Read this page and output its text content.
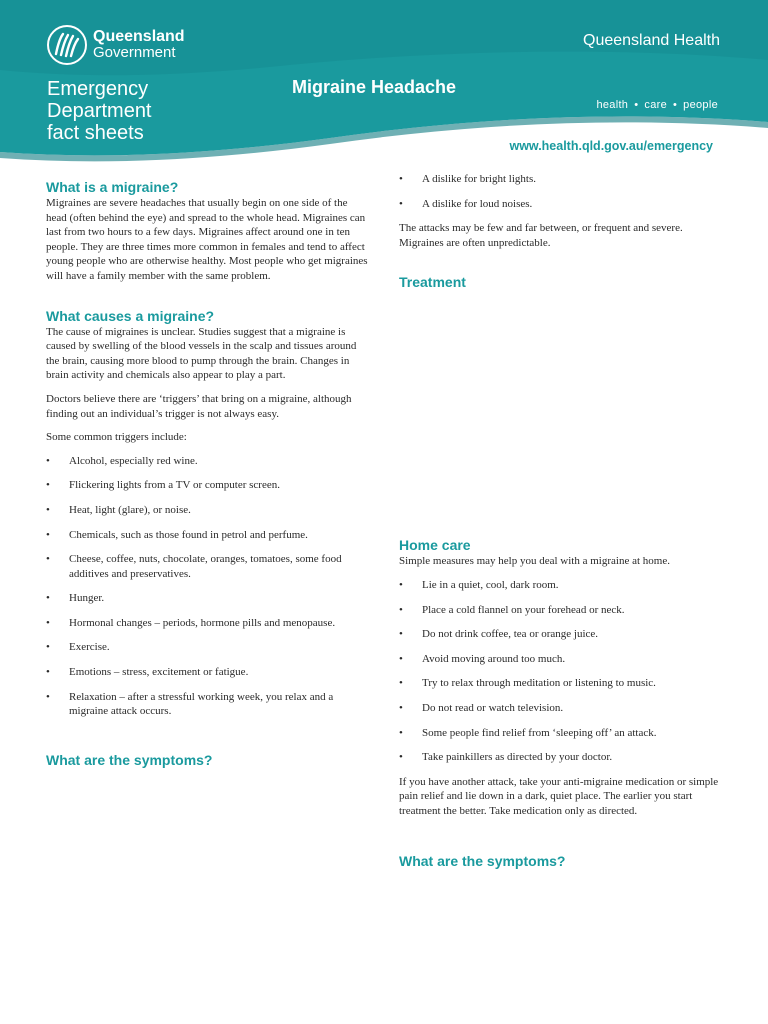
Queensland
Government
Emergency
Department
fact sheets
Migraine Headache
Queensland Health
health • care • people
www.health.qld.gov.au/emergency
What is a migraine?

Migraines are severe headaches that usually begin on one side of the head (often behind the eye) and spread to the whole head. Migraines can last from two hours to a few days. Migraines affect around one in ten people. They are three times more common in females and tend to affect young people who are otherwise healthy. Most people who get migraines will have a family member with the same problem.

What causes a migraine?

The cause of migraines is unclear. Studies suggest that a migraine is caused by swelling of the blood vessels in the scalp and tissues around the brain, causing more blood to pump through the brain. Changes in brain activity and chemicals also appear to play a part.

Doctors believe there are ‘triggers’ that bring on a migraine, although finding out an individual’s trigger is not always easy.

Some common triggers include:

• Alcohol, especially red wine.
• Flickering lights from a TV or computer screen.
• Heat, light (glare), or noise.
• Chemicals, such as those found in petrol and perfume.
• Cheese, coffee, nuts, chocolate, oranges, tomatoes, some food additives and preservatives.
• Hunger.
• Hormonal changes – periods, hormone pills and menopause.
• Exercise.
• Emotions – stress, excitement or fatigue.
• Relaxation – after a stressful working week, you relax and a migraine attack occurs.
What are the symptoms?
• A dislike for bright lights.
• A dislike for loud noises.

The attacks may be few and far between, or frequent and severe. Migraines are often unpredictable.

Treatment
Home care

Simple measures may help you deal with a migraine at home.

• Lie in a quiet, cool, dark room.
• Place a cold flannel on your forehead or neck.
• Do not drink coffee, tea or orange juice.
• Avoid moving around too much.
• Try to relax through meditation or listening to music.
• Do not read or watch television.
• Some people find relief from ‘sleeping off’ an attack.
• Take painkillers as directed by your doctor.

If you have another attack, take your anti-migraine medication or simple pain relief and lie down in a dark, quiet place. The earlier you start treatment the better. Take medication only as directed.

What are the symptoms?
